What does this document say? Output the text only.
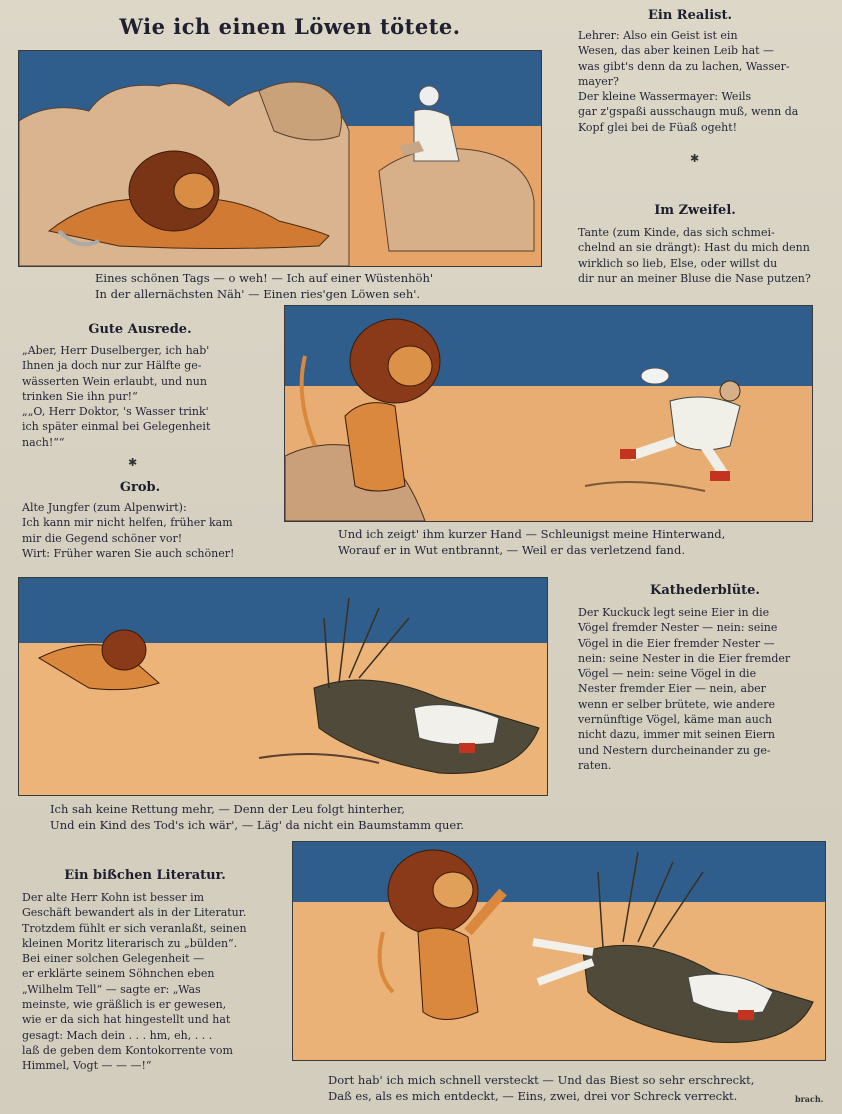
Wie ich einen Löwen tötete.
Eines schönen Tags — o weh! — Ich auf einer Wüstenhöh'
In der allernächsten Näh' — Einen ries'gen Löwen seh'.
Ein Realist.

Lehrer: Also ein Geist ist ein

Wesen, das aber keinen Leib hat —

was gibt's denn da zu lachen, Wasser-

mayer?

Der kleine Wassermayer: Weils

gar z'gspaßi ausschaugn muß, wenn da

Kopf glei bei de Füaß ogeht!

✱
Im Zweifel.

Tante (zum Kinde, das sich schmei-

chelnd an sie drängt): Hast du mich denn

wirklich so lieb, Else, oder willst du

dir nur an meiner Bluse die Nase putzen?

Gute Ausrede.

„Aber, Herr Duselberger, ich hab'

Ihnen ja doch nur zur Hälfte ge-

wässerten Wein erlaubt, und nun

trinken Sie ihn pur!“

„„O, Herr Doktor, 's Wasser trink'

ich später einmal bei Gelegenheit

nach!““

✱
Grob.

Alte Jungfer (zum Alpenwirt):

Ich kann mir nicht helfen, früher kam

mir die Gegend schöner vor!

Wirt: Früher waren Sie auch schöner!

Und ich zeigt' ihm kurzer Hand — Schleunigst meine Hinterwand,
Worauf er in Wut entbrannt, — Weil er das verletzend fand.
Ich sah keine Rettung mehr, — Denn der Leu folgt hinterher,
Und ein Kind des Tod's ich wär', — Läg' da nicht ein Baumstamm quer.
Kathederblüte.

Der Kuckuck legt seine Eier in die

Vögel fremder Nester — nein: seine

Vögel in die Eier fremder Nester —

nein: seine Nester in die Eier fremder

Vögel — nein: seine Vögel in die

Nester fremder Eier — nein, aber

wenn er selber brütete, wie andere

vernünftige Vögel, käme man auch

nicht dazu, immer mit seinen Eiern

und Nestern durcheinander zu ge-

raten.

Ein bißchen Literatur.

Der alte Herr Kohn ist besser im

Geschäft bewandert als in der Literatur.

Trotzdem fühlt er sich veranlaßt, seinen

kleinen Moritz literarisch zu „bülden“.

Bei einer solchen Gelegenheit —

er erklärte seinem Söhnchen eben

„Wilhelm Tell“ — sagte er: „Was

meinste, wie gräßlich is er gewesen,

wie er da sich hat hingestellt und hat

gesagt: Mach dein . . . hm, eh, . . .

laß de geben dem Kontokorrente vom

Himmel, Vogt — — —!“

Dort hab' ich mich schnell versteckt — Und das Biest so sehr erschreckt,
Daß es, als es mich entdeckt, — Eins, zwei, drei vor Schreck verreckt.	brach.
